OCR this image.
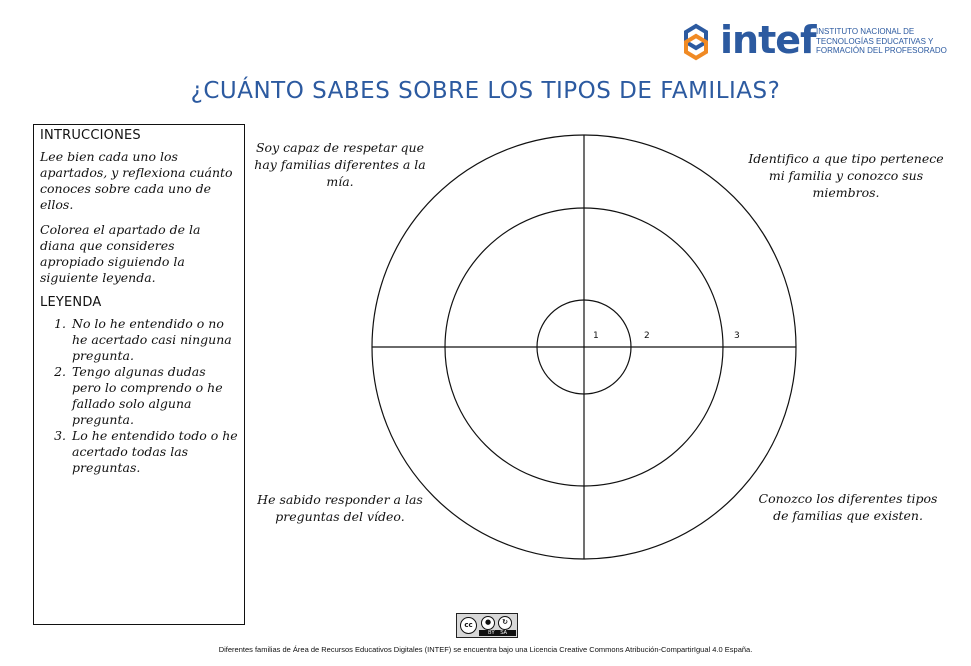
intef INSTITUTO NACIONAL DE
TECNOLOGÍAS EDUCATIVAS Y
FORMACIÓN DEL PROFESORADO
¿CUÁNTO SABES SOBRE LOS TIPOS DE FAMILIAS?
INTRUCCIONES

Lee bien cada uno los apartados, y reflexiona cuánto conoces sobre cada uno de ellos.

Colorea el apartado de la diana que consideres apropiado siguiendo la siguiente leyenda.

LEYENDA
1. No lo he entendido o no he acertado casi ninguna pregunta.
2. Tengo algunas dudas pero lo comprendo o he fallado solo alguna pregunta.
3. Lo he entendido todo o he acertado todas las preguntas.
1	2	3
Soy capaz de respetar que hay familias diferentes a la mía.
Identifico a que tipo pertenece mi familia y conozco sus miembros.
He sabido responder a las preguntas del vídeo.
Conozco los diferentes tipos de familias que existen.
cc	●	↻
BY SA
Diferentes familias de Área de Recursos Educativos Digitales (INTEF) se encuentra bajo una Licencia Creative Commons Atribución-CompartirIgual 4.0 España.
